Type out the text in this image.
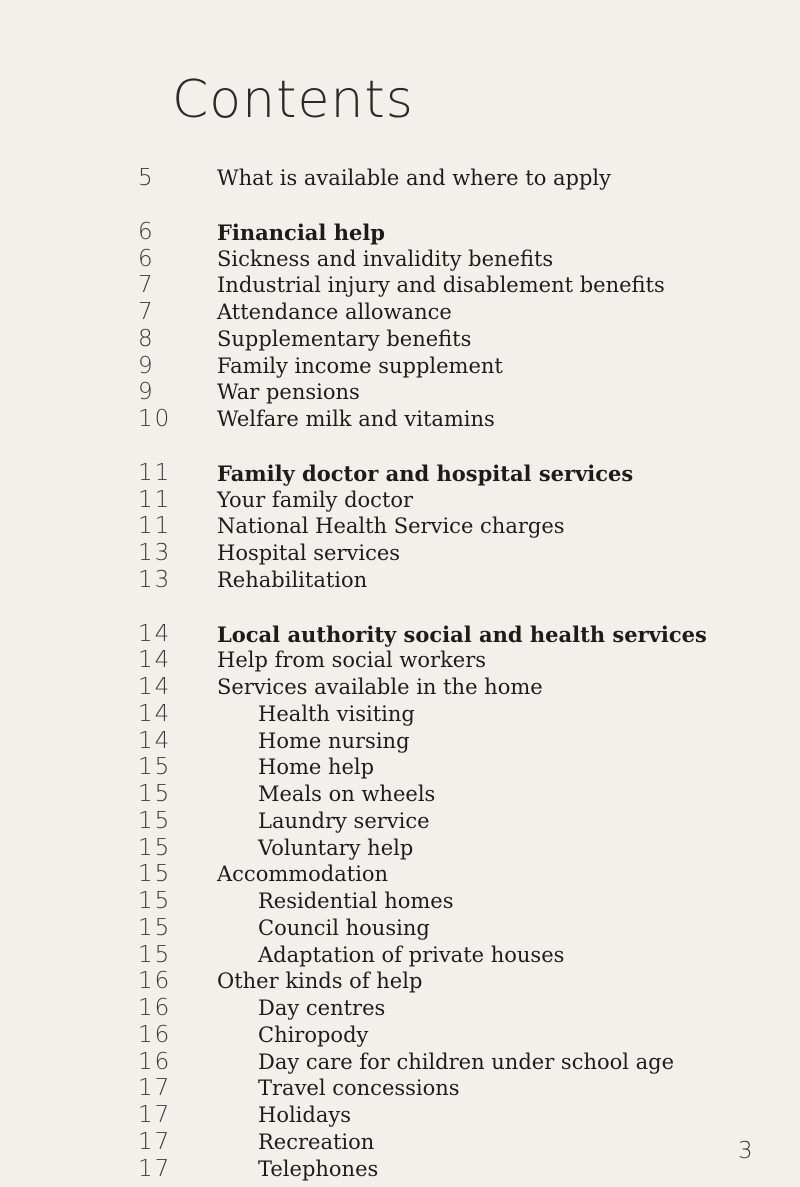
Contents
5	What is available and where to apply
6	Financial help
6	Sickness and invalidity benefits
7	Industrial injury and disablement benefits
7	Attendance allowance
8	Supplementary benefits
9	Family income supplement
9	War pensions
10	Welfare milk and vitamins
11	Family doctor and hospital services
11	Your family doctor
11	National Health Service charges
13	Hospital services
13	Rehabilitation
14	Local authority social and health services
14	Help from social workers
14	Services available in the home
14	Health visiting
14	Home nursing
15	Home help
15	Meals on wheels
15	Laundry service
15	Voluntary help
15	Accommodation
15	Residential homes
15	Council housing
15	Adaptation of private houses
16	Other kinds of help
16	Day centres
16	Chiropody
16	Day care for children under school age
17	Travel concessions
17	Holidays
17	Recreation
17	Telephones
3
